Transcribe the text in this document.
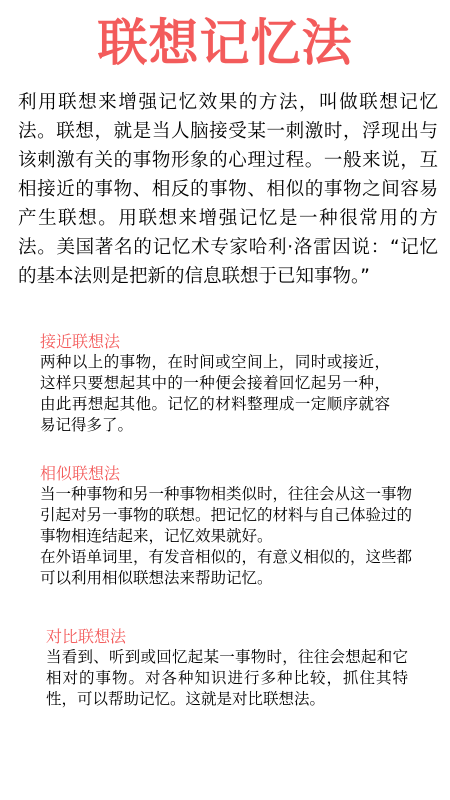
联想记忆法

利用联想来增强记忆效果的方法，叫做联想记忆法。联想，就是当人脑接受某一刺激时，浮现出与该刺激有关的事物形象的心理过程。一般来说，互相接近的事物、相反的事物、相似的事物之间容易产生联想。用联想来增强记忆是一种很常用的方法。美国著名的记忆术专家哈利·洛雷因说：“记忆的基本法则是把新的信息联想于已知事物。”

接近联想法

两种以上的事物，在时间或空间上，同时或接近，这样只要想起其中的一种便会接着回忆起另一种，由此再想起其他。记忆的材料整理成一定顺序就容易记得多了。

相似联想法

当一种事物和另一种事物相类似时，往往会从这一事物引起对另一事物的联想。把记忆的材料与自己体验过的事物相连结起来，记忆效果就好。

在外语单词里，有发音相似的，有意义相似的，这些都可以利用相似联想法来帮助记忆。

对比联想法

当看到、听到或回忆起某一事物时，往往会想起和它相对的事物。对各种知识进行多种比较，抓住其特性，可以帮助记忆。这就是对比联想法。
